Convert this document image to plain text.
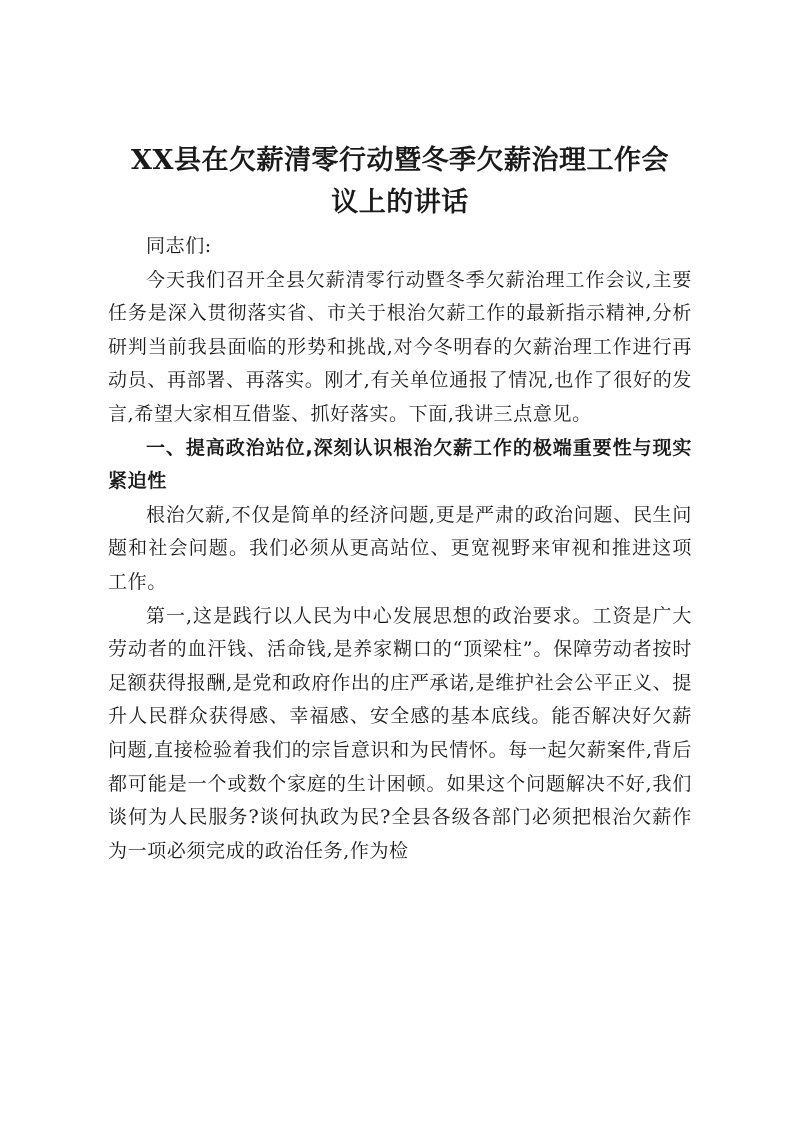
XX县在欠薪清零行动暨冬季欠薪治理工作会
议上的讲话

同志们:

今天我们召开全县欠薪清零行动暨冬季欠薪治理工作会议,主要任务是深入贯彻落实省、市关于根治欠薪工作的最新指示精神,分析研判当前我县面临的形势和挑战,对今冬明春的欠薪治理工作进行再动员、再部署、再落实。刚才,有关单位通报了情况,也作了很好的发言,希望大家相互借鉴、抓好落实。下面,我讲三点意见。

一、提高政治站位,深刻认识根治欠薪工作的极端重要性与现实紧迫性

根治欠薪,不仅是简单的经济问题,更是严肃的政治问题、民生问题和社会问题。我们必须从更高站位、更宽视野来审视和推进这项工作。

第一,这是践行以人民为中心发展思想的政治要求。工资是广大劳动者的血汗钱、活命钱,是养家糊口的“顶梁柱”。保障劳动者按时足额获得报酬,是党和政府作出的庄严承诺,是维护社会公平正义、提升人民群众获得感、幸福感、安全感的基本底线。能否解决好欠薪问题,直接检验着我们的宗旨意识和为民情怀。每一起欠薪案件,背后都可能是一个或数个家庭的生计困顿。如果这个问题解决不好,我们谈何为人民服务?谈何执政为民?全县各级各部门必须把根治欠薪作为一项必须完成的政治任务,作为检
